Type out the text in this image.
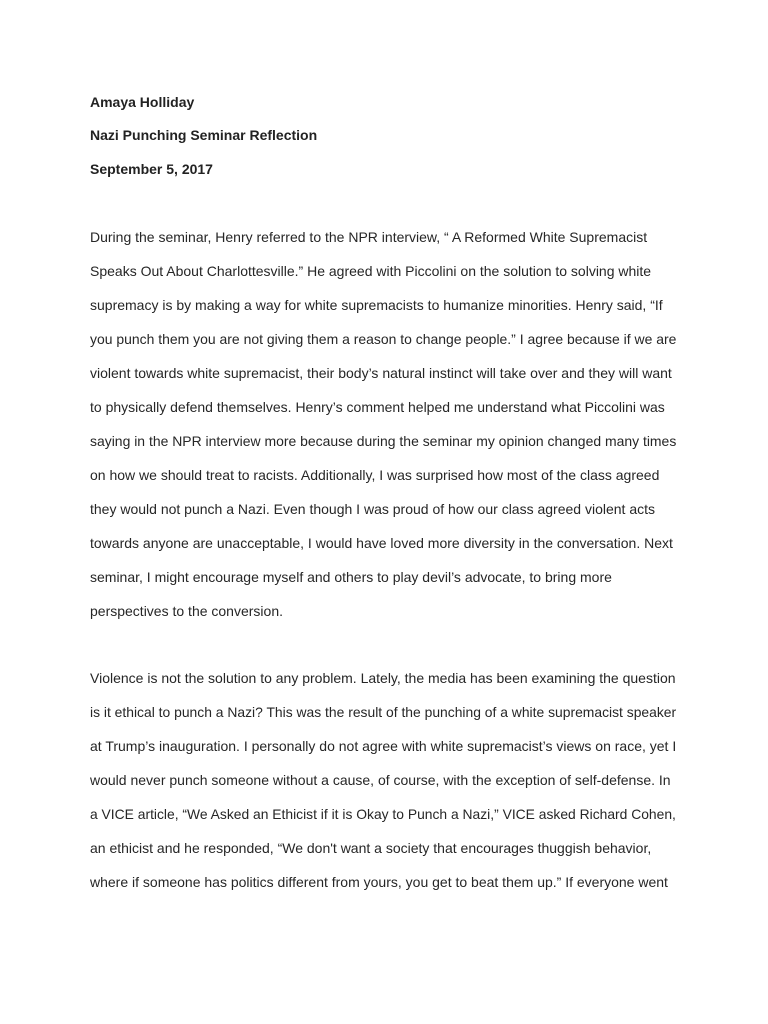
Amaya Holliday
Nazi Punching Seminar Reflection
September 5, 2017
During the seminar, Henry referred to the NPR interview, “ A Reformed White Supremacist
Speaks Out About Charlottesville.” He agreed with Piccolini on the solution to solving white
supremacy is by making a way for white supremacists to humanize minorities. Henry said, “If
you punch them you are not giving them a reason to change people.” I agree because if we are
violent towards white supremacist, their body’s natural instinct will take over and they will want
to physically defend themselves. Henry’s comment helped me understand what Piccolini was
saying in the NPR interview more because during the seminar my opinion changed many times
on how we should treat to racists. Additionally, I was surprised how most of the class agreed
they would not punch a Nazi. Even though I was proud of how our class agreed violent acts
towards anyone are unacceptable, I would have loved more diversity in the conversation. Next
seminar, I might encourage myself and others to play devil’s advocate, to bring more
perspectives to the conversion.
Violence is not the solution to any problem. Lately, the media has been examining the question
is it ethical to punch a Nazi? This was the result of the punching of a white supremacist speaker
at Trump’s inauguration. I personally do not agree with white supremacist’s views on race, yet I
would never punch someone without a cause, of course, with the exception of self-defense. In
a VICE article, “We Asked an Ethicist if it is Okay to Punch a Nazi,” VICE asked Richard Cohen,
an ethicist and he responded, “We don't want a society that encourages thuggish behavior,
where if someone has politics different from yours, you get to beat them up.” If everyone went
